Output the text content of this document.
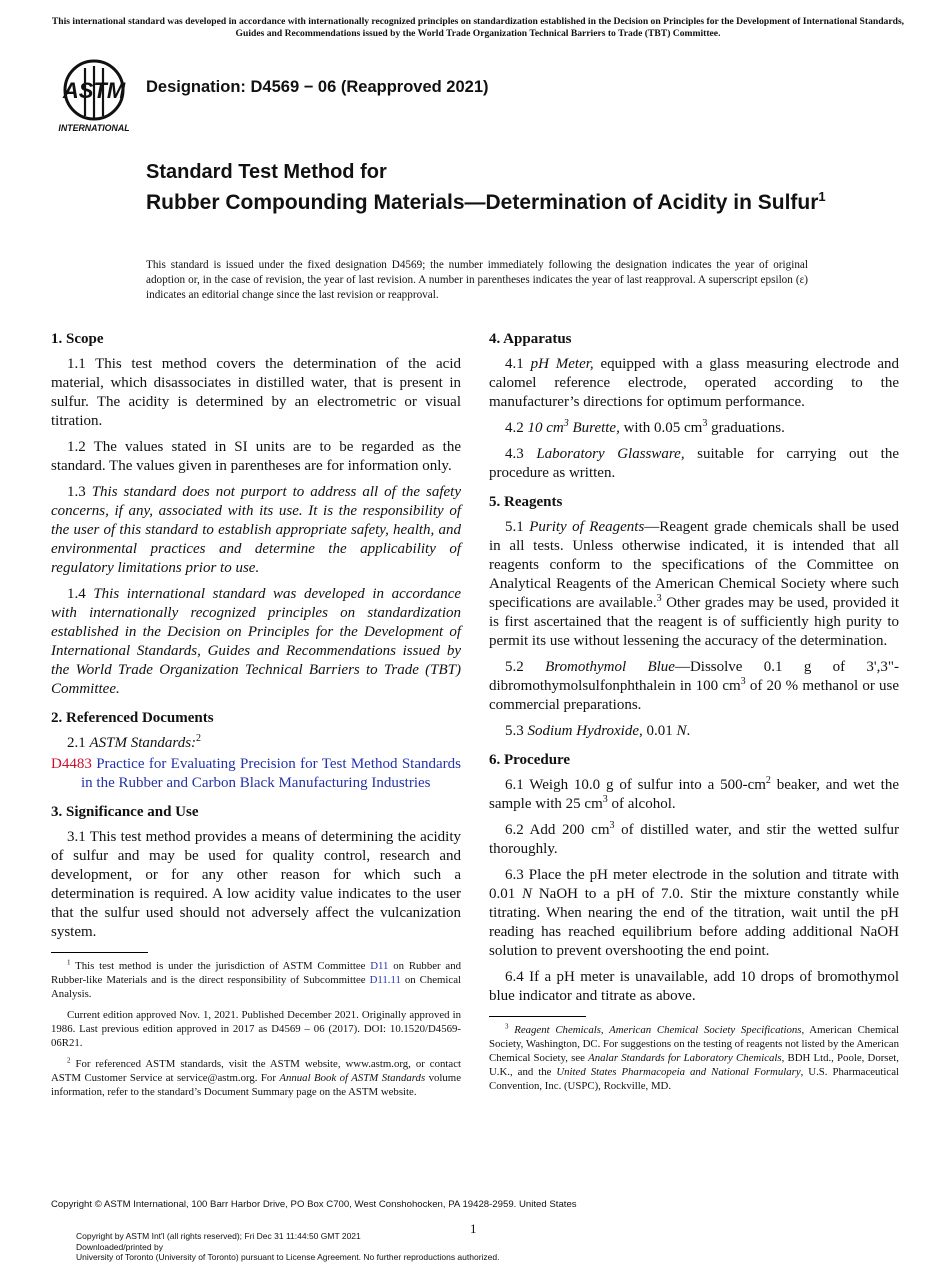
This international standard was developed in accordance with internationally recognized principles on standardization established in the Decision on Principles for the Development of International Standards, Guides and Recommendations issued by the World Trade Organization Technical Barriers to Trade (TBT) Committee.
ASTM
INTERNATIONAL
Designation: D4569 − 06 (Reapproved 2021)
Standard Test Method for
Rubber Compounding Materials—Determination of Acidity in Sulfur$^1$
This standard is issued under the fixed designation D4569; the number immediately following the designation indicates the year of original adoption or, in the case of revision, the year of last revision. A number in parentheses indicates the year of last reapproval. A superscript epsilon (ε) indicates an editorial change since the last revision or reapproval.
1. Scope

1.1 This test method covers the determination of the acid material, which disassociates in distilled water, that is present in sulfur. The acidity is determined by an electrometric or visual titration.

1.2 The values stated in SI units are to be regarded as the standard. The values given in parentheses are for information only.

1.3 This standard does not purport to address all of the safety concerns, if any, associated with its use. It is the responsibility of the user of this standard to establish appropriate safety, health, and environmental practices and determine the applicability of regulatory limitations prior to use.

1.4 This international standard was developed in accordance with internationally recognized principles on standardization established in the Decision on Principles for the Development of International Standards, Guides and Recommendations issued by the World Trade Organization Technical Barriers to Trade (TBT) Committee.

2. Referenced Documents

2.1 ASTM Standards:$^2$

D4483 Practice for Evaluating Precision for Test Method Standards in the Rubber and Carbon Black Manufacturing Industries
3. Significance and Use

3.1 This test method provides a means of determining the acidity of sulfur and may be used for quality control, research and development, or for any other reason for which such a determination is required. A low acidity value indicates to the user that the sulfur used should not adversely affect the vulcanization system.

$^1$ This test method is under the jurisdiction of ASTM Committee D11 on Rubber and Rubber-like Materials and is the direct responsibility of Subcommittee D11.11 on Chemical Analysis.

Current edition approved Nov. 1, 2021. Published December 2021. Originally approved in 1986. Last previous edition approved in 2017 as D4569 – 06 (2017). DOI: 10.1520/D4569-06R21.

$^2$ For referenced ASTM standards, visit the ASTM website, www.astm.org, or contact ASTM Customer Service at service@astm.org. For Annual Book of ASTM Standards volume information, refer to the standard’s Document Summary page on the ASTM website.

4. Apparatus

4.1 pH Meter, equipped with a glass measuring electrode and calomel reference electrode, operated according to the manufacturer’s directions for optimum performance.

4.2 10 $cm^3$ Burette, with 0.05 $cm^3$ graduations.

4.3 Laboratory Glassware, suitable for carrying out the procedure as written.

5. Reagents

5.1 Purity of Reagents—Reagent grade chemicals shall be used in all tests. Unless otherwise indicated, it is intended that all reagents conform to the specifications of the Committee on Analytical Reagents of the American Chemical Society where such specifications are available.$^3$ Other grades may be used, provided it is first ascertained that the reagent is of sufficiently high purity to permit its use without lessening the accuracy of the determination.

5.2 Bromothymol Blue—Dissolve 0.1 g of 3',3"-dibromothymolsulfonphthalein in 100 $cm^3$ of 20 % methanol or use commercial preparations.

5.3 Sodium Hydroxide, 0.01 N.

6. Procedure

6.1 Weigh 10.0 g of sulfur into a $500-cm^2$ beaker, and wet the sample with 25 $cm^3$ of alcohol.

6.2 Add 200 $cm^3$ of distilled water, and stir the wetted sulfur thoroughly.

6.3 Place the pH meter electrode in the solution and titrate with 0.01 N NaOH to a pH of 7.0. Stir the mixture constantly while titrating. When nearing the end of the titration, wait until the pH reading has reached equilibrium before adding additional NaOH solution to prevent overshooting the end point.

6.4 If a pH meter is unavailable, add 10 drops of bromothymol blue indicator and titrate as above.

$^3$ Reagent Chemicals, American Chemical Society Specifications, American Chemical Society, Washington, DC. For suggestions on the testing of reagents not listed by the American Chemical Society, see Analar Standards for Laboratory Chemicals, BDH Ltd., Poole, Dorset, U.K., and the United States Pharmacopeia and National Formulary, U.S. Pharmaceutical Convention, Inc. (USPC), Rockville, MD.

Copyright © ASTM International, 100 Barr Harbor Drive, PO Box C700, West Conshohocken, PA 19428-2959. United States
1
Copyright by ASTM Int'l (all rights reserved); Fri Dec 31 11:44:50 GMT 2021
Downloaded/printed by
University of Toronto (University of Toronto) pursuant to License Agreement. No further reproductions authorized.
